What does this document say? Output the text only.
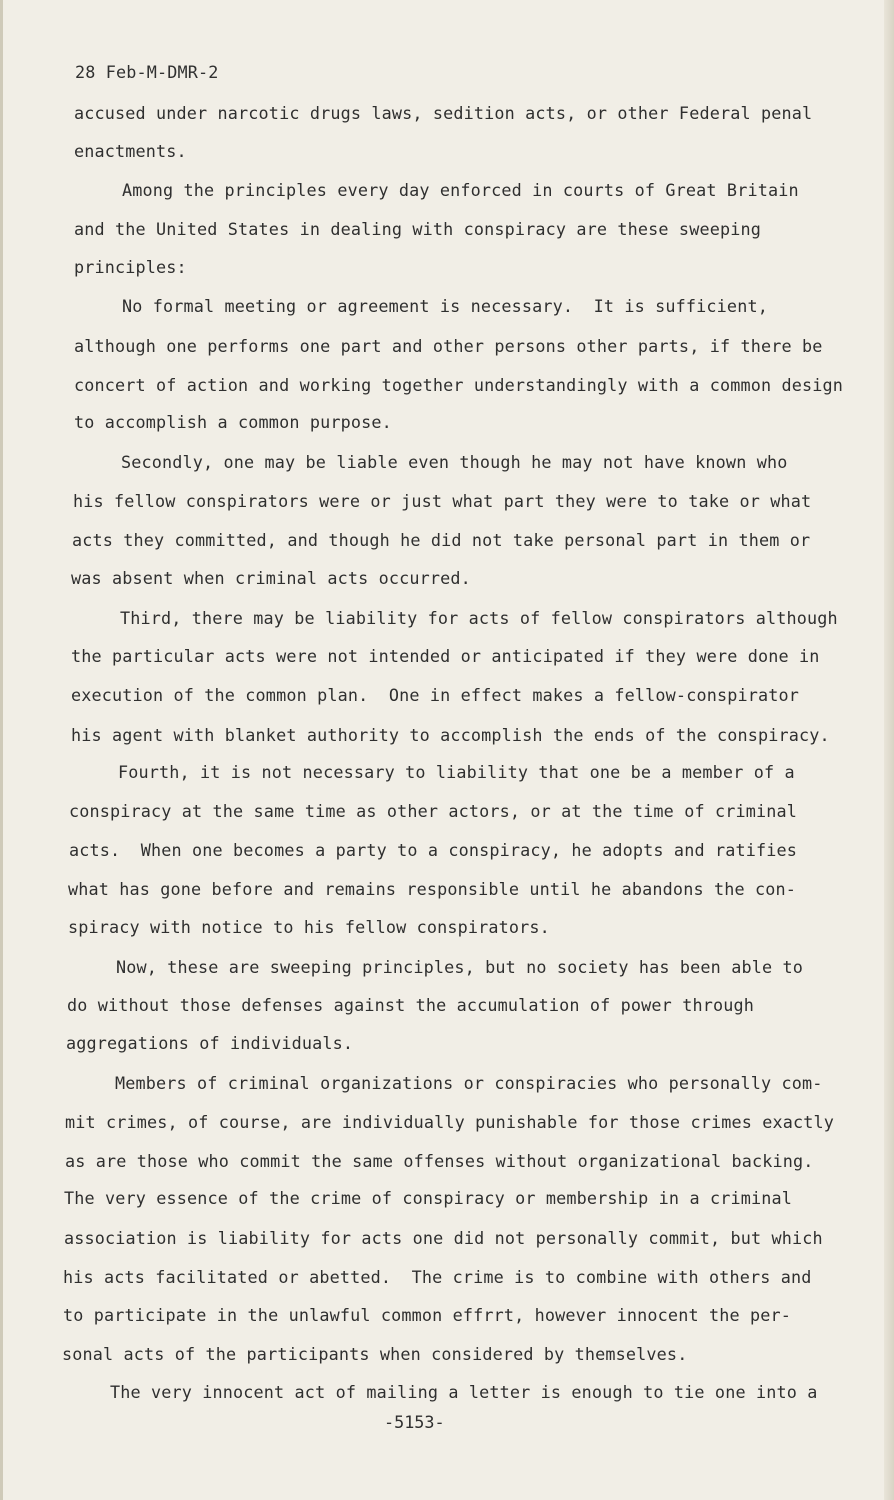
28 Feb-M-DMR-2
accused under narcotic drugs laws, sedition acts, or other Federal penal
enactments.
Among the principles every day enforced in courts of Great Britain
and the United States in dealing with conspiracy are these sweeping
principles:
No formal meeting or agreement is necessary.  It is sufficient,
although one performs one part and other persons other parts, if there be
concert of action and working together understandingly with a common design
to accomplish a common purpose.
Secondly, one may be liable even though he may not have known who
his fellow conspirators were or just what part they were to take or what
acts they committed, and though he did not take personal part in them or
was absent when criminal acts occurred.
Third, there may be liability for acts of fellow conspirators although
the particular acts were not intended or anticipated if they were done in
execution of the common plan.  One in effect makes a fellow-conspirator
his agent with blanket authority to accomplish the ends of the conspiracy.
Fourth, it is not necessary to liability that one be a member of a
conspiracy at the same time as other actors, or at the time of criminal
acts.  When one becomes a party to a conspiracy, he adopts and ratifies
what has gone before and remains responsible until he abandons the con-
spiracy with notice to his fellow conspirators.
Now, these are sweeping principles, but no society has been able to
do without those defenses against the accumulation of power through
aggregations of individuals.
Members of criminal organizations or conspiracies who personally com-
mit crimes, of course, are individually punishable for those crimes exactly
as are those who commit the same offenses without organizational backing.
The very essence of the crime of conspiracy or membership in a criminal
association is liability for acts one did not personally commit, but which
his acts facilitated or abetted.  The crime is to combine with others and
to participate in the unlawful common effrrt, however innocent the per-
sonal acts of the participants when considered by themselves.
The very innocent act of mailing a letter is enough to tie one into a
-5153-
